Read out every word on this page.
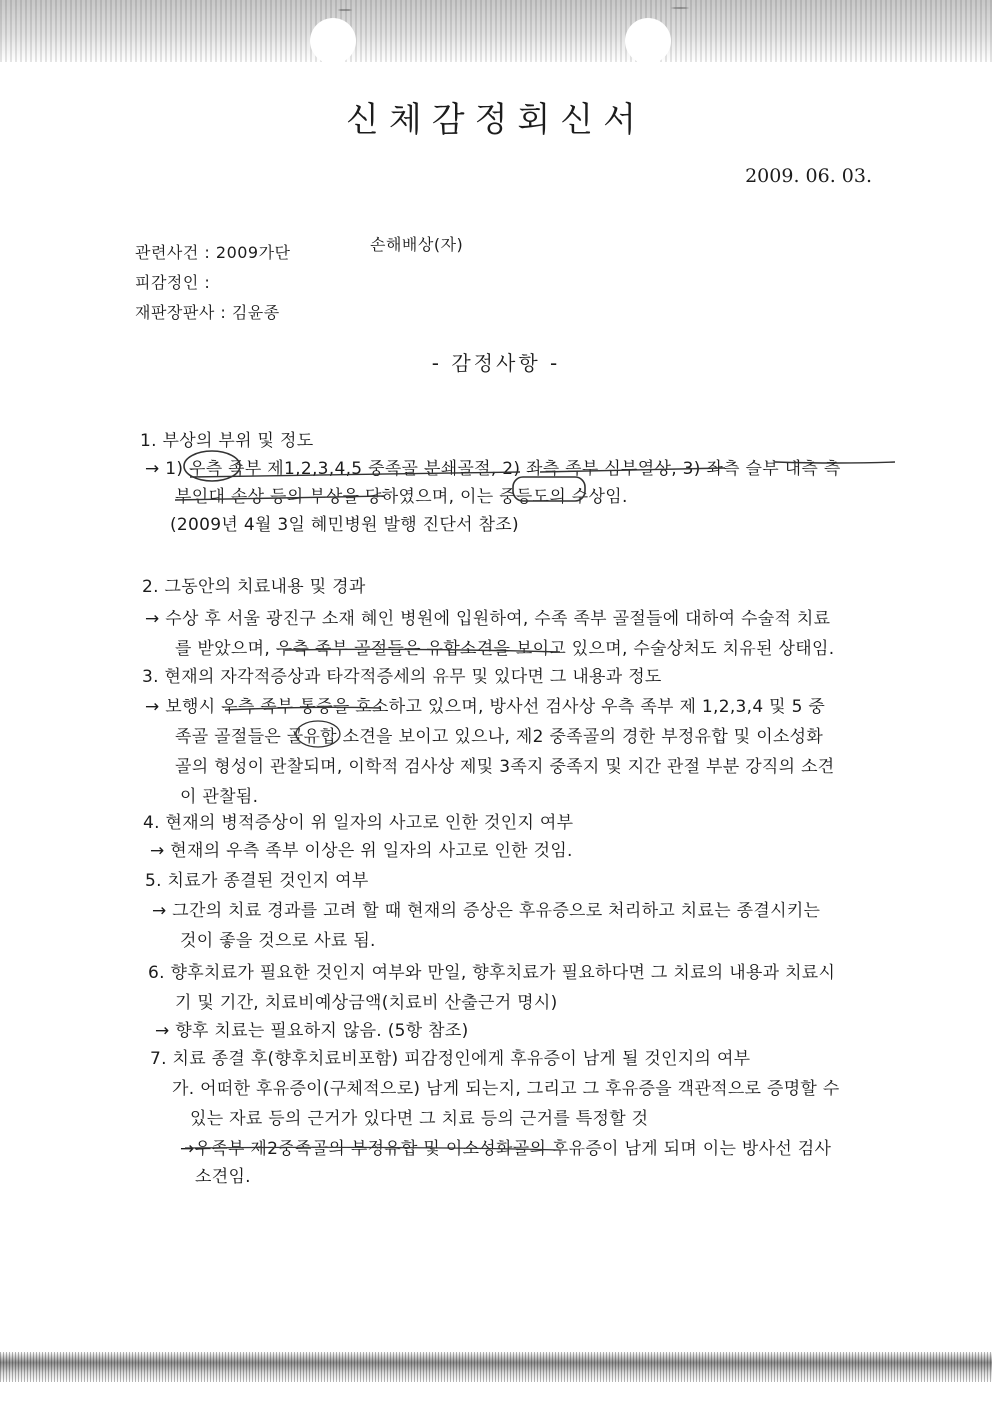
신체감정회신서
2009. 06. 03.
관련사건 : 2009가단	손해배상(자)
피감정인 :
재판장판사 : 김윤종
- 감정사항 -
1. 부상의 부위 및 정도
→ 1) 우측 족부 제1,2,3,4,5 중족골 분쇄골절, 2) 좌측 족부 심부열상, 3) 좌측 슬부 내측 측
부인대 손상 등의 부상을 당하였으며, 이는 중등도의 수상임.
(2009년 4월 3일 혜민병원 발행 진단서 참조)
2. 그동안의 치료내용 및 경과
→ 수상 후 서울 광진구 소재 혜인 병원에 입원하여, 수족 족부 골절들에 대하여 수술적 치료
를 받았으며, 우측 족부 골절들은 유합소견을 보이고 있으며, 수술상처도 치유된 상태임.
3. 현재의 자각적증상과 타각적증세의 유무 및 있다면 그 내용과 정도
→ 보행시 우측 족부 통증을 호소하고 있으며, 방사선 검사상 우측 족부 제 1,2,3,4 및 5 중
족골 골절들은 골유합 소견을 보이고 있으나, 제2 중족골의 경한 부정유합 및 이소성화
골의 형성이 관찰되며, 이학적 검사상 제및 3족지 중족지 및 지간 관절 부분 강직의 소견
이 관찰됨.
4. 현재의 병적증상이 위 일자의 사고로 인한 것인지 여부
→ 현재의 우측 족부 이상은 위 일자의 사고로 인한 것임.
5. 치료가 종결된 것인지 여부
→ 그간의 치료 경과를 고려 할 때 현재의 증상은 후유증으로 처리하고 치료는 종결시키는
것이 좋을 것으로 사료 됨.
6. 향후치료가 필요한 것인지 여부와 만일, 향후치료가 필요하다면 그 치료의 내용과 치료시
기 및 기간, 치료비예상금액(치료비 산출근거 명시)
→ 향후 치료는 필요하지 않음. (5항 참조)
7. 치료 종결 후(향후치료비포함) 피감정인에게 후유증이 남게 될 것인지의 여부
가. 어떠한 후유증이(구체적으로) 남게 되는지, 그리고 그 후유증을 객관적으로 증명할 수
있는 자료 등의 근거가 있다면 그 치료 등의 근거를 특정할 것
→우족부 제2중족골의 부정유합 및 이소성화골의 후유증이 남게 되며 이는 방사선 검사
소견임.
